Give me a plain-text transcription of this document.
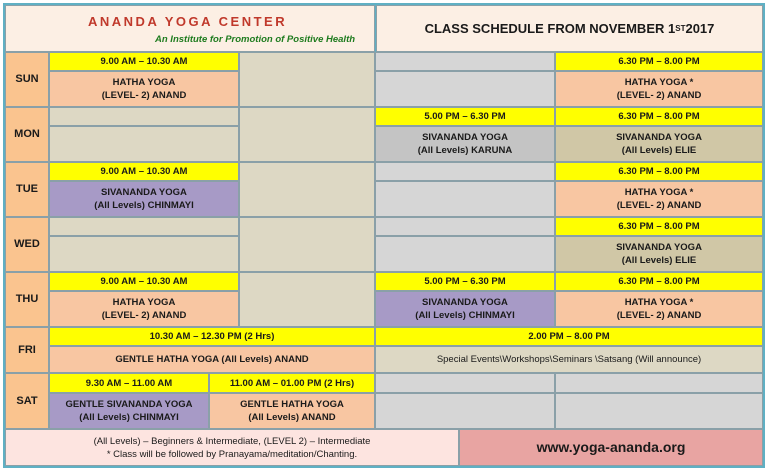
ANANDA YOGA CENTER
An Institute for Promotion of Positive Health
CLASS SCHEDULE FROM NOVEMBER 1 ST 2017
SUN
9.00 AM – 10.30 AM
HATHA YOGA
(LEVEL- 2) ANAND
6.30 PM – 8.00 PM
HATHA YOGA *
(LEVEL- 2) ANAND
MON
5.00 PM – 6.30 PM
SIVANANDA YOGA
(All Levels) KARUNA
6.30 PM – 8.00 PM
SIVANANDA YOGA
(All Levels) ELIE
TUE
9.00 AM – 10.30 AM
SIVANANDA YOGA
(All Levels) CHINMAYI
6.30 PM – 8.00 PM
HATHA YOGA *
(LEVEL- 2) ANAND
WED
6.30 PM – 8.00 PM
SIVANANDA YOGA
(All Levels) ELIE
THU
9.00 AM – 10.30 AM
HATHA YOGA
(LEVEL- 2) ANAND
5.00 PM – 6.30 PM
SIVANANDA YOGA
(All Levels) CHINMAYI
6.30 PM – 8.00 PM
HATHA YOGA *
(LEVEL- 2) ANAND
FRI
10.30 AM – 12.30 PM (2 Hrs)
GENTLE HATHA YOGA (All Levels) ANAND
2.00 PM – 8.00 PM
Special Events\Workshops\Seminars \Satsang (Will announce)
SAT
9.30 AM – 11.00 AM
GENTLE SIVANANDA YOGA
(All Levels) CHINMAYI
11.00 AM – 01.00 PM (2 Hrs)
GENTLE HATHA YOGA
(All Levels) ANAND
(All Levels) – Beginners & Intermediate, (LEVEL 2) – Intermediate
* Class will be followed by Pranayama/meditation/Chanting.	www.yoga-ananda.org
